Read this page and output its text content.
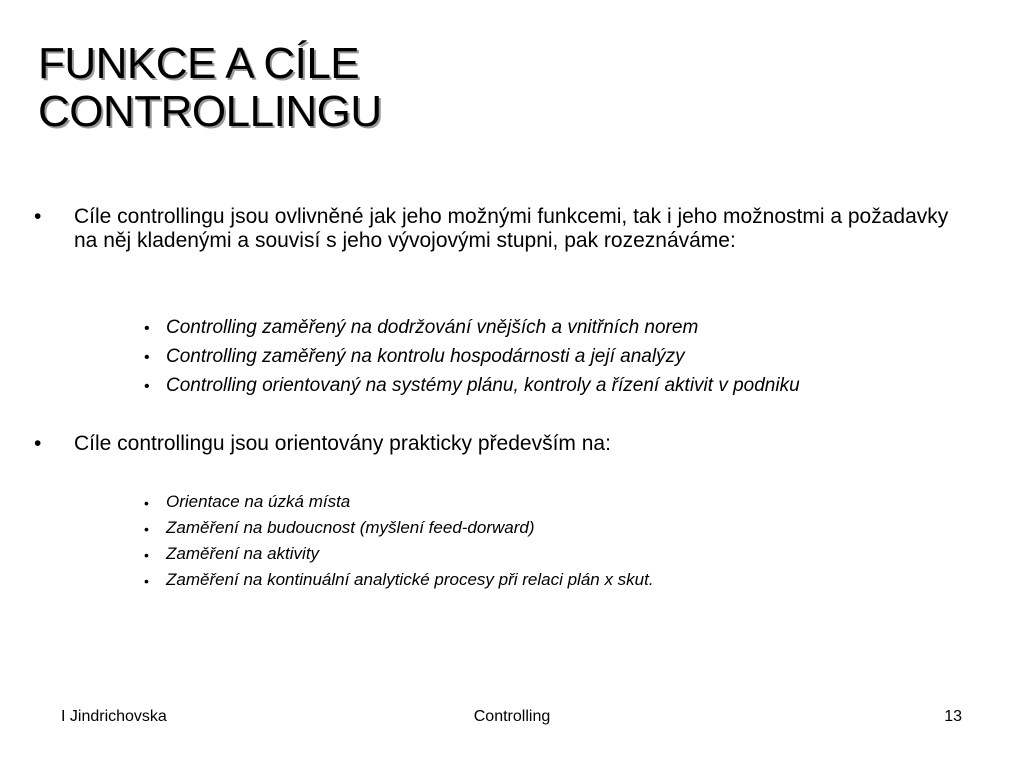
FUNKCE A CÍLE
CONTROLLINGU
• Cíle controllingu jsou ovlivněné jak jeho možnými funkcemi, tak i jeho možnostmi a požadavky na něj kladenými a souvisí s jeho vývojovými stupni, pak rozeznáváme:
• Controlling zaměřený na dodržování vnějších a vnitřních norem
• Controlling zaměřený na kontrolu hospodárnosti a její analýzy
• Controlling orientovaný na systémy plánu, kontroly a řízení aktivit v podniku
• Cíle controllingu jsou orientovány prakticky především na:
• Orientace na úzká místa
• Zaměření na budoucnost (myšlení feed-dorward)
• Zaměření na aktivity
• Zaměření na kontinuální analytické procesy při relaci plán x skut.
I Jindrichovska	Controlling	13
